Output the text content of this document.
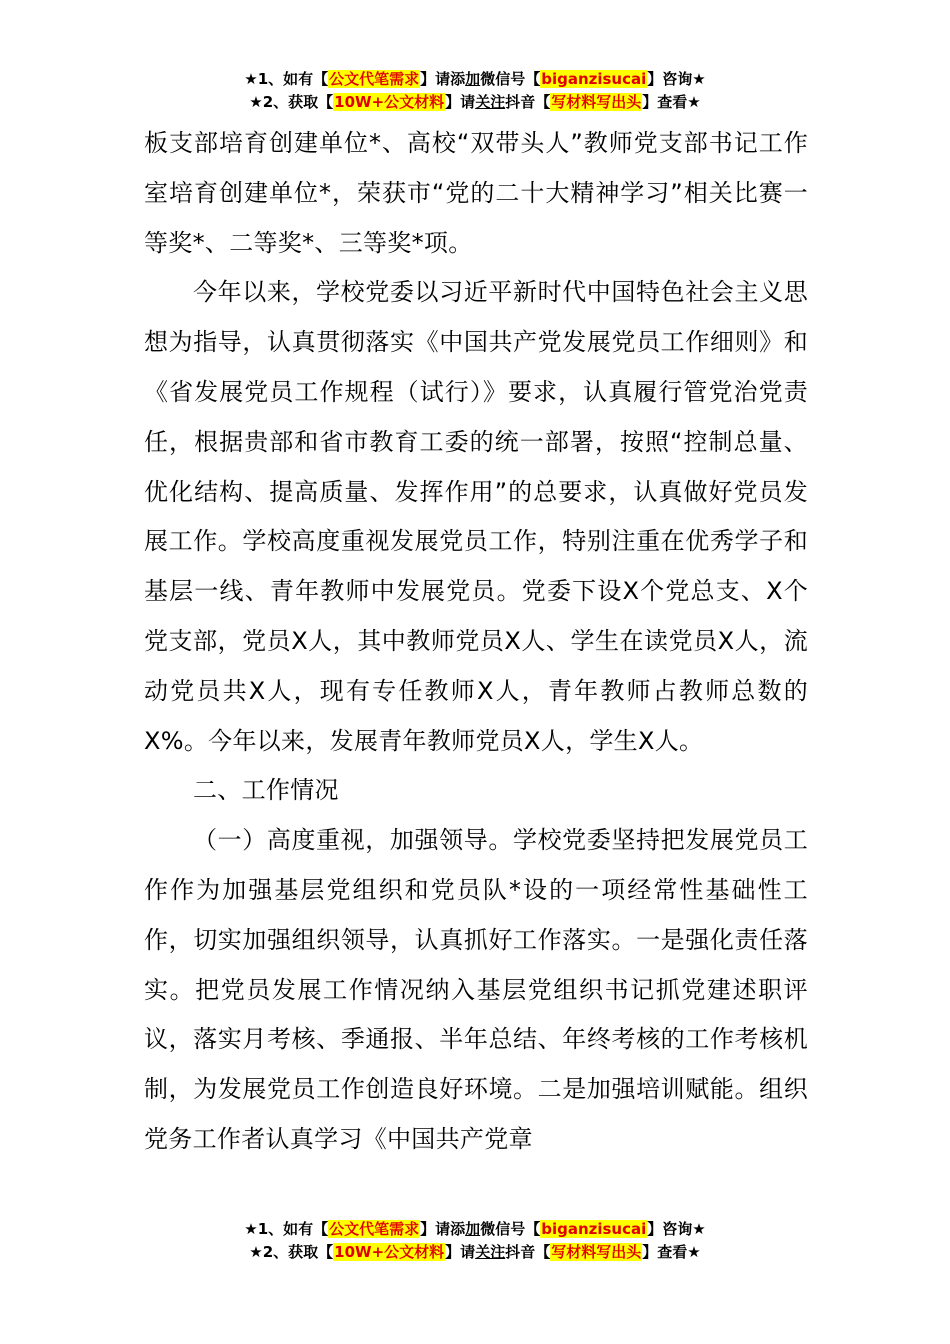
★1、如有【公文代笔需求】请添加微信号【biganzisucai】咨询★
★2、获取【10W+公文材料】请关注抖音【写材料写出头】查看★

板支部培育创建单位*、高校“双带头人”教师党支部书记工作室培育创建单位*，荣获市“党的二十大精神学习”相关比赛一等奖*、二等奖*、三等奖*项。

今年以来，学校党委以习近平新时代中国特色社会主义思想为指导，认真贯彻落实《中国共产党发展党员工作细则》和《省发展党员工作规程（试行）》要求，认真履行管党治党责任，根据贵部和省市教育工委的统一部署，按照“控制总量、优化结构、提高质量、发挥作用”的总要求，认真做好党员发展工作。学校高度重视发展党员工作，特别注重在优秀学子和基层一线、青年教师中发展党员。党委下设X个党总支、X个党支部，党员X人，其中教师党员X人、学生在读党员X人，流动党员共X人，现有专任教师X人，青年教师占教师总数的X%。今年以来，发展青年教师党员X人，学生X人。

二、工作情况

（一）高度重视，加强领导。学校党委坚持把发展党员工作作为加强基层党组织和党员队*设的一项经常性基础性工作，切实加强组织领导，认真抓好工作落实。一是强化责任落实。把党员发展工作情况纳入基层党组织书记抓党建述职评议，落实月考核、季通报、半年总结、年终考核的工作考核机制，为发展党员工作创造良好环境。二是加强培训赋能。组织党务工作者认真学习《中国共产党章

★1、如有【公文代笔需求】请添加微信号【biganzisucai】咨询★
★2、获取【10W+公文材料】请关注抖音【写材料写出头】查看★
